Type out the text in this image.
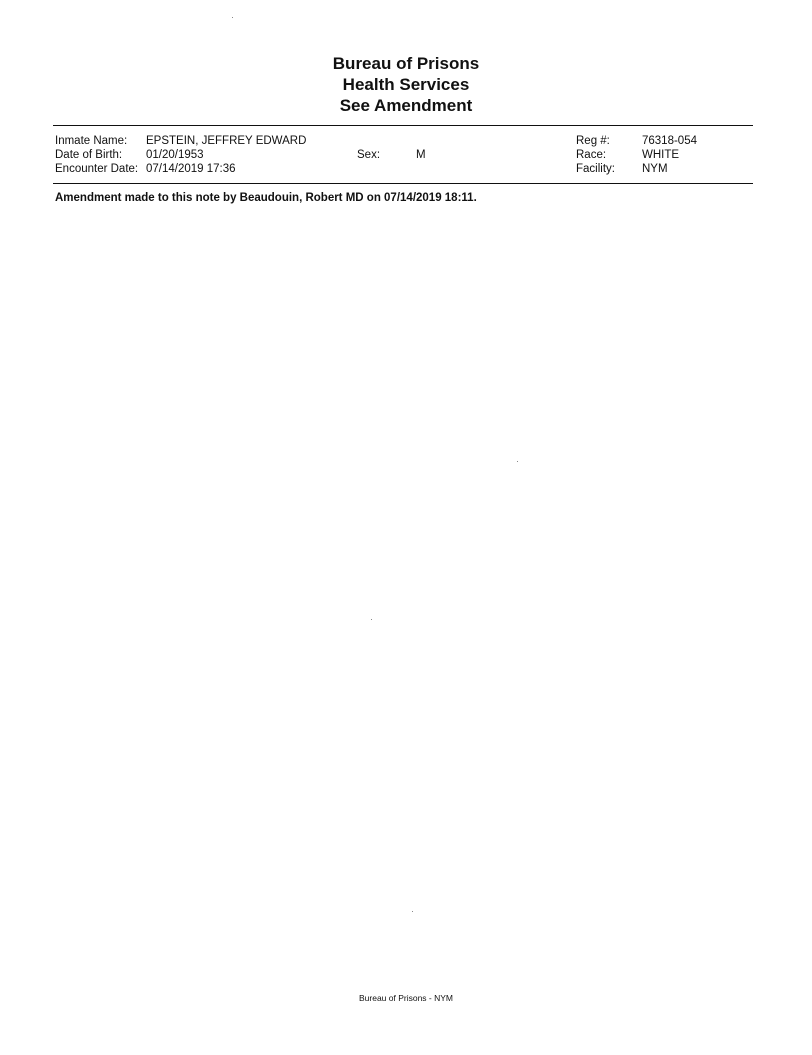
Bureau of Prisons
Health Services
See Amendment
Inmate Name:
Date of Birth:
Encounter Date:
EPSTEIN, JEFFREY EDWARD
01/20/1953
07/14/2019 17:36
Sex:	M
Reg #:
Race:
Facility:
76318-054
WHITE
NYM
Amendment made to this note by Beaudouin, Robert MD on 07/14/2019 18:11.
Bureau of Prisons - NYM
